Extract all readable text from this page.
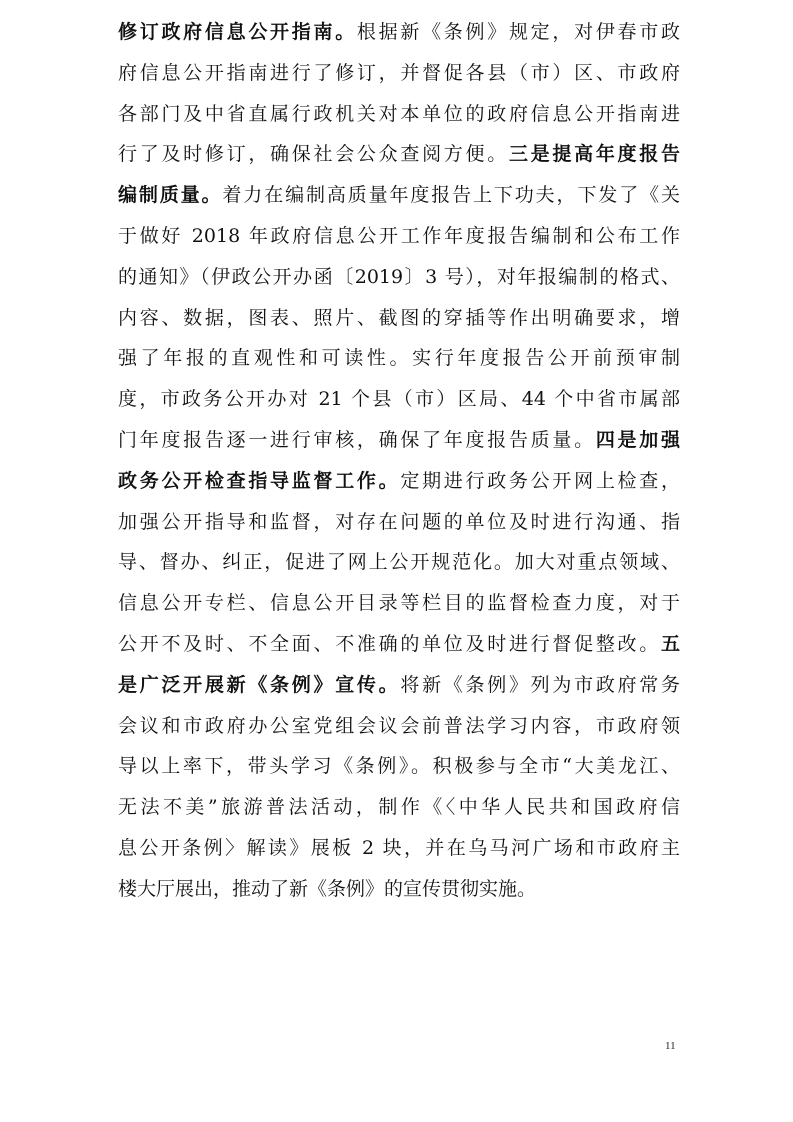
修订政府信息公开指南。根据新《条例》规定，对伊春市政
府信息公开指南进行了修订，并督促各县（市）区、市政府
各部门及中省直属行政机关对本单位的政府信息公开指南进
行了及时修订，确保社会公众查阅方便。三是提高年度报告
编制质量。着力在编制高质量年度报告上下功夫，下发了《关
于做好 2018 年政府信息公开工作年度报告编制和公布工作
的通知》（伊政公开办函〔2019〕3 号），对年报编制的格式、
内容、数据，图表、照片、截图的穿插等作出明确要求，增
强了年报的直观性和可读性。实行年度报告公开前预审制
度，市政务公开办对 21 个县（市）区局、44 个中省市属部
门年度报告逐一进行审核，确保了年度报告质量。四是加强
政务公开检查指导监督工作。定期进行政务公开网上检查，
加强公开指导和监督，对存在问题的单位及时进行沟通、指
导、督办、纠正，促进了网上公开规范化。加大对重点领域、
信息公开专栏、信息公开目录等栏目的监督检查力度，对于
公开不及时、不全面、不准确的单位及时进行督促整改。五
是广泛开展新《条例》宣传。将新《条例》列为市政府常务
会议和市政府办公室党组会议会前普法学习内容，市政府领
导以上率下，带头学习《条例》。积极参与全市“大美龙江、
无法不美”旅游普法活动，制作《〈中华人民共和国政府信
息公开条例〉解读》展板 2 块，并在乌马河广场和市政府主
楼大厅展出，推动了新《条例》的宣传贯彻实施。
11
